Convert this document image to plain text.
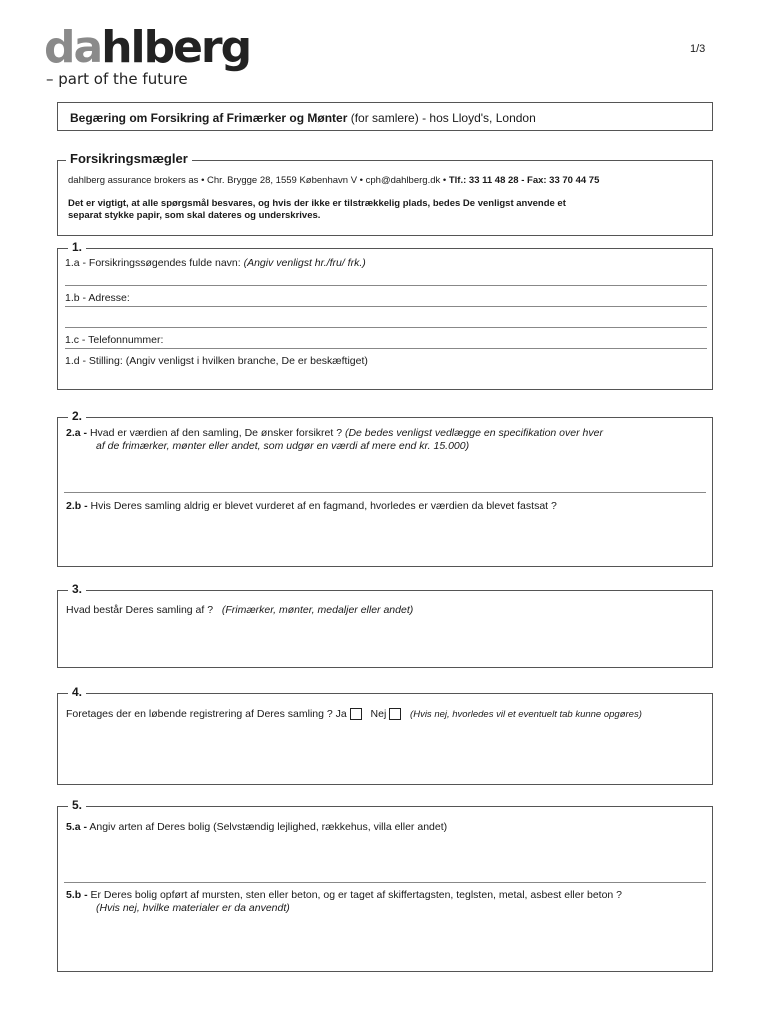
dahlberg
– part of the future
1/3
Begæring om Forsikring af Frimærker og Mønter (for samlere) - hos Lloyd's, London
Forsikringsmægler
dahlberg assurance brokers as • Chr. Brygge 28, 1559 København V • cph@dahlberg.dk • Tlf.: 33 11 48 28 - Fax: 33 70 44 75
Det er vigtigt, at alle spørgsmål besvares, og hvis der ikke er tilstrækkelig plads, bedes De venligst anvende et
separat stykke papir, som skal dateres og underskrives.
1.
1.a - Forsikringssøgendes fulde navn: (Angiv venligst hr./fru/ frk.)
1.b - Adresse:
1.c - Telefonnummer:
1.d - Stilling: (Angiv venligst i hvilken branche, De er beskæftiget)
2.
2.a - Hvad er værdien af den samling, De ønsker forsikret ? (De bedes venligst vedlægge en specifikation over hver
af de frimærker, mønter eller andet, som udgør en værdi af mere end kr. 15.000)
2.b - Hvis Deres samling aldrig er blevet vurderet af en fagmand, hvorledes er værdien da blevet fastsat ?
3.
Hvad består Deres samling af ? (Frimærker, mønter, medaljer eller andet)
4.
Foretages der en løbende registrering af Deres samling ? Ja Nej	(Hvis nej, hvorledes vil et eventuelt tab kunne opgøres)
5.
5.a - Angiv arten af Deres bolig (Selvstændig lejlighed, rækkehus, villa eller andet)
5.b - Er Deres bolig opført af mursten, sten eller beton, og er taget af skiffertagsten, teglsten, metal, asbest eller beton ?
(Hvis nej, hvilke materialer er da anvendt)
